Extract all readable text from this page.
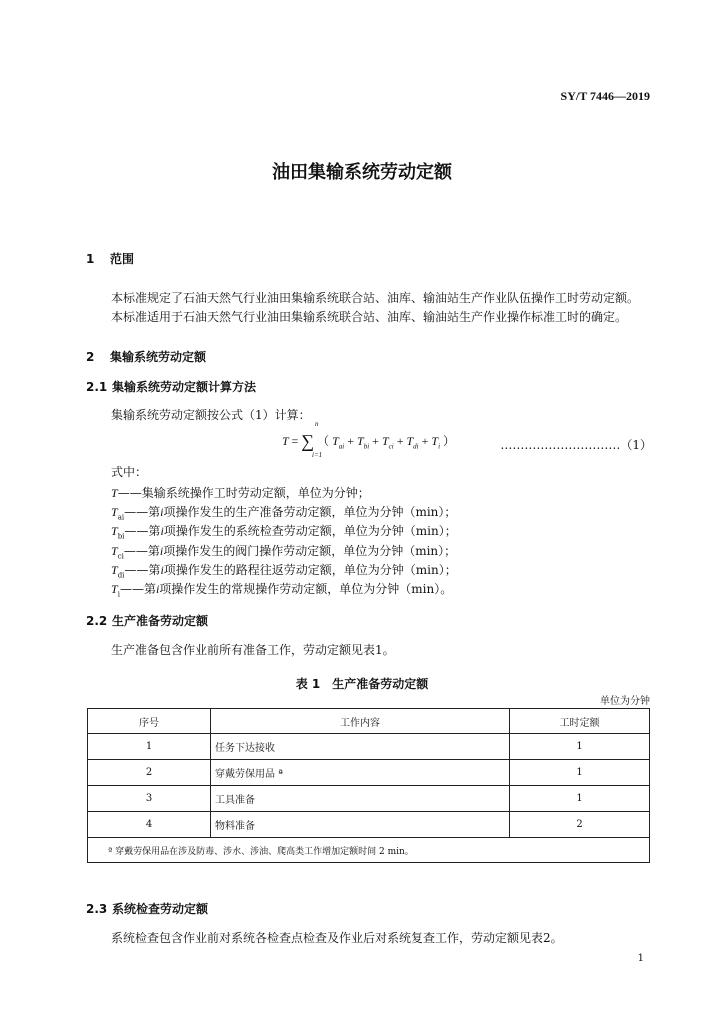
SY/T 7446—2019
油田集输系统劳动定额
1 范围
本标准规定了石油天然气行业油田集输系统联合站、油库、输油站生产作业队伍操作工时劳动定额。
本标准适用于石油天然气行业油田集输系统联合站、油库、输油站生产作业操作标准工时的确定。
2 集输系统劳动定额
2.1 集输系统劳动定额计算方法
集输系统劳动定额按公式（1）计算：
T = ∑
n
i=1
（ $T_{ai} + T_{bi} + T_{ci} + T_{di} + T_i$ ）	…………………………（1）
式中：
T——集输系统操作工时劳动定额，单位为分钟；
$T_{ai}——$第i项操作发生的生产准备劳动定额，单位为分钟（min）；
$T_{bi}——$第i项操作发生的系统检查劳动定额，单位为分钟（min）；
$T_{ci}——$第i项操作发生的阀门操作劳动定额，单位为分钟（min）；
$T_{di}——$第i项操作发生的路程往返劳动定额，单位为分钟（min）；
$T_i——$第i项操作发生的常规操作劳动定额，单位为分钟（min）。
2.2 生产准备劳动定额
生产准备包含作业前所有准备工作，劳动定额见表1。
表 1　生产准备劳动定额
单位为分钟
序号	工作内容	工时定额
1	任务下达接收	1
2	穿戴劳保用品 ª	1
3	工具准备	1
4	物料准备	2
ª 穿戴劳保用品在涉及防毒、涉水、涉油、爬高类工作增加定额时间 2 min。		
2.3 系统检查劳动定额
系统检查包含作业前对系统各检查点检查及作业后对系统复查工作，劳动定额见表2。
1
